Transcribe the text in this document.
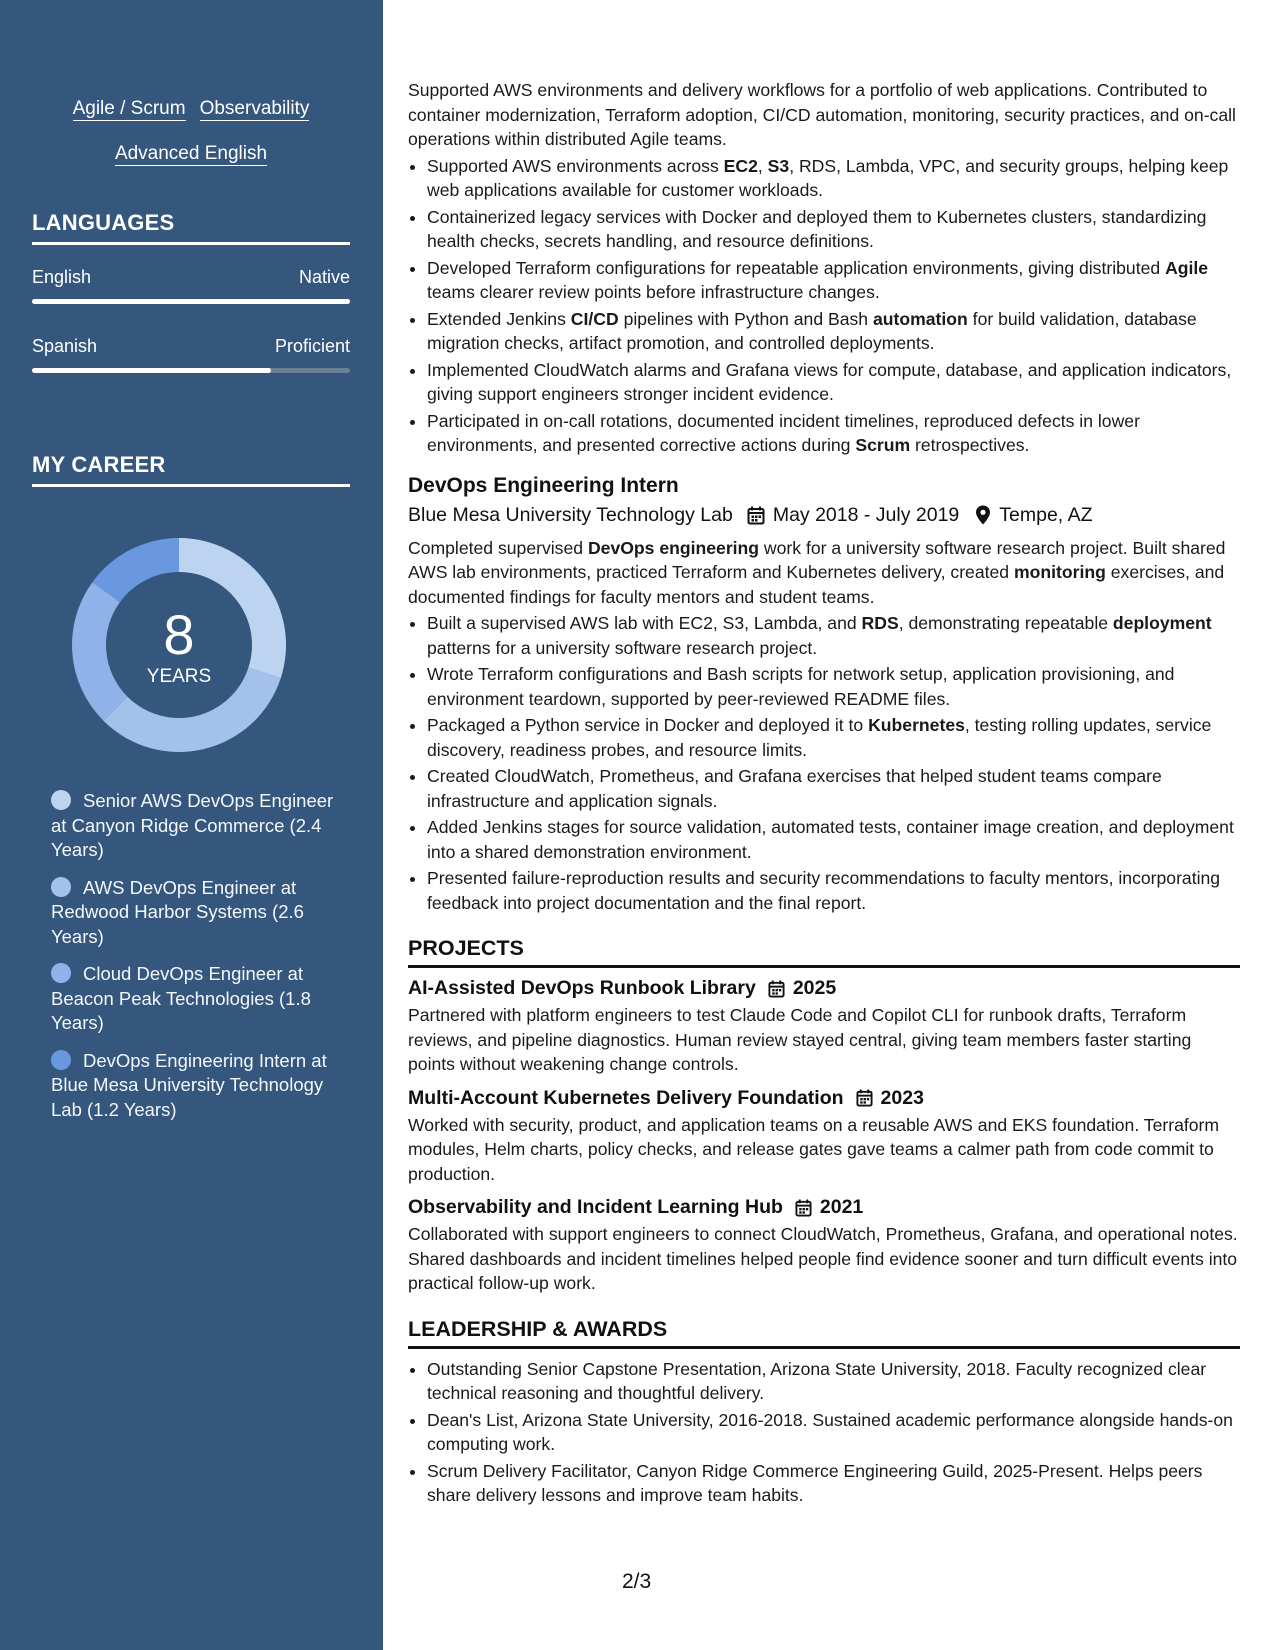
Agile / Scrum Observability
Advanced English
LANGUAGES
English	Native
Spanish	Proficient
MY CAREER
8
YEARS
Senior AWS DevOps Engineer at Canyon Ridge Commerce (2.4 Years)
AWS DevOps Engineer at Redwood Harbor Systems (2.6 Years)
Cloud DevOps Engineer at Beacon Peak Technologies (1.8 Years)
DevOps Engineering Intern at Blue Mesa University Technology Lab (1.2 Years)

Supported AWS environments and delivery workflows for a portfolio of web applications. Contributed to container modernization, Terraform adoption, CI/CD automation, monitoring, security practices, and on-call operations within distributed Agile teams.

• Supported AWS environments across EC2, S3, RDS, Lambda, VPC, and security groups, helping keep web applications available for customer workloads.
• Containerized legacy services with Docker and deployed them to Kubernetes clusters, standardizing health checks, secrets handling, and resource definitions.
• Developed Terraform configurations for repeatable application environments, giving distributed Agile teams clearer review points before infrastructure changes.
• Extended Jenkins CI/CD pipelines with Python and Bash automation for build validation, database migration checks, artifact promotion, and controlled deployments.
• Implemented CloudWatch alarms and Grafana views for compute, database, and application indicators, giving support engineers stronger incident evidence.
• Participated in on-call rotations, documented incident timelines, reproduced defects in lower environments, and presented corrective actions during Scrum retrospectives.
DevOps Engineering Intern
Blue Mesa University Technology Lab May 2018 - July 2019 Tempe, AZ
Completed supervised DevOps engineering work for a university software research project. Built shared AWS lab environments, practiced Terraform and Kubernetes delivery, created monitoring exercises, and documented findings for faculty mentors and student teams.
• Built a supervised AWS lab with EC2, S3, Lambda, and RDS, demonstrating repeatable deployment patterns for a university software research project.
• Wrote Terraform configurations and Bash scripts for network setup, application provisioning, and environment teardown, supported by peer-reviewed README files.
• Packaged a Python service in Docker and deployed it to Kubernetes, testing rolling updates, service discovery, readiness probes, and resource limits.
• Created CloudWatch, Prometheus, and Grafana exercises that helped student teams compare infrastructure and application signals.
• Added Jenkins stages for source validation, automated tests, container image creation, and deployment into a shared demonstration environment.
• Presented failure-reproduction results and security recommendations to faculty mentors, incorporating feedback into project documentation and the final report.
PROJECTS
AI-Assisted DevOps Runbook Library 2025
Partnered with platform engineers to test Claude Code and Copilot CLI for runbook drafts, Terraform reviews, and pipeline diagnostics. Human review stayed central, giving team members faster starting points without weakening change controls.
Multi-Account Kubernetes Delivery Foundation 2023
Worked with security, product, and application teams on a reusable AWS and EKS foundation. Terraform modules, Helm charts, policy checks, and release gates gave teams a calmer path from code commit to production.
Observability and Incident Learning Hub 2021
Collaborated with support engineers to connect CloudWatch, Prometheus, Grafana, and operational notes. Shared dashboards and incident timelines helped people find evidence sooner and turn difficult events into practical follow-up work.
LEADERSHIP & AWARDS
• Outstanding Senior Capstone Presentation, Arizona State University, 2018. Faculty recognized clear technical reasoning and thoughtful delivery.
• Dean's List, Arizona State University, 2016-2018. Sustained academic performance alongside hands-on computing work.
• Scrum Delivery Facilitator, Canyon Ridge Commerce Engineering Guild, 2025-Present. Helps peers share delivery lessons and improve team habits.
2/3
